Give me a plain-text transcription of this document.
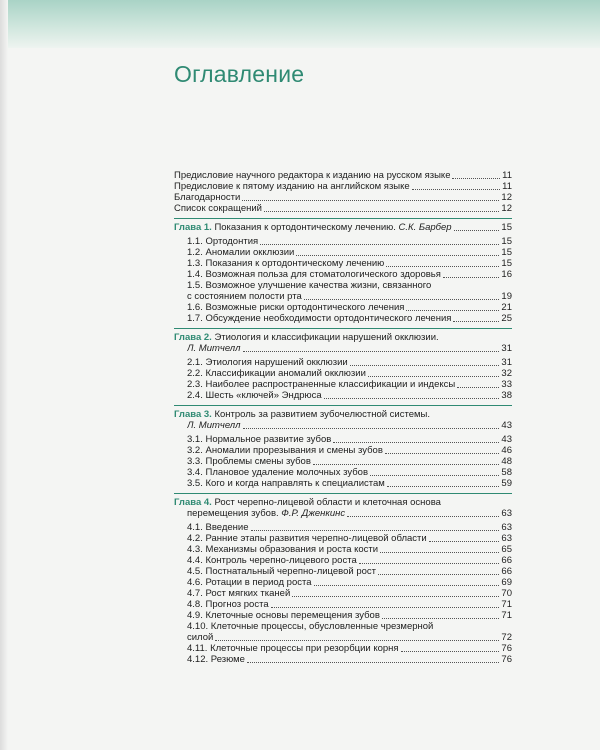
Оглавление
Предисловие научного редактора к изданию на русском языке	11
Предисловие к пятому изданию на английском языке	11
Благодарности	12
Список сокращений	12
Глава 1. Показания к ортодонтическому лечению. С.К. Барбер	15
1.1. Ортодонтия	15
1.2. Аномалии окклюзии	15
1.3. Показания к ортодонтическому лечению	15
1.4. Возможная польза для стоматологического здоровья	16
1.5. Возможное улучшение качества жизни, связанного
с состоянием полости рта	19
1.6. Возможные риски ортодонтического лечения	21
1.7. Обсуждение необходимости ортодонтического лечения	25
Глава 2. Этиология и классификации нарушений окклюзии.
Л. Митчелл	31
2.1. Этиология нарушений окклюзии	31
2.2. Классификации аномалий окклюзии	32
2.3. Наиболее распространенные классификации и индексы	33
2.4. Шесть «ключей» Эндрюса	38
Глава 3. Контроль за развитием зубочелюстной системы.
Л. Митчелл	43
3.1. Нормальное развитие зубов	43
3.2. Аномалии прорезывания и смены зубов	46
3.3. Проблемы смены зубов	48
3.4. Плановое удаление молочных зубов	58
3.5. Кого и когда направлять к специалистам	59
Глава 4. Рост черепно-лицевой области и клеточная основа
перемещения зубов. Ф.Р. Дженкинс	63
4.1. Введение	63
4.2. Ранние этапы развития черепно-лицевой области	63
4.3. Механизмы образования и роста кости	65
4.4. Контроль черепно-лицевого роста	66
4.5. Постнатальный черепно-лицевой рост	66
4.6. Ротации в период роста	69
4.7. Рост мягких тканей	70
4.8. Прогноз роста	71
4.9. Клеточные основы перемещения зубов	71
4.10. Клеточные процессы, обусловленные чрезмерной
силой	72
4.11. Клеточные процессы при резорбции корня	76
4.12. Резюме	76
